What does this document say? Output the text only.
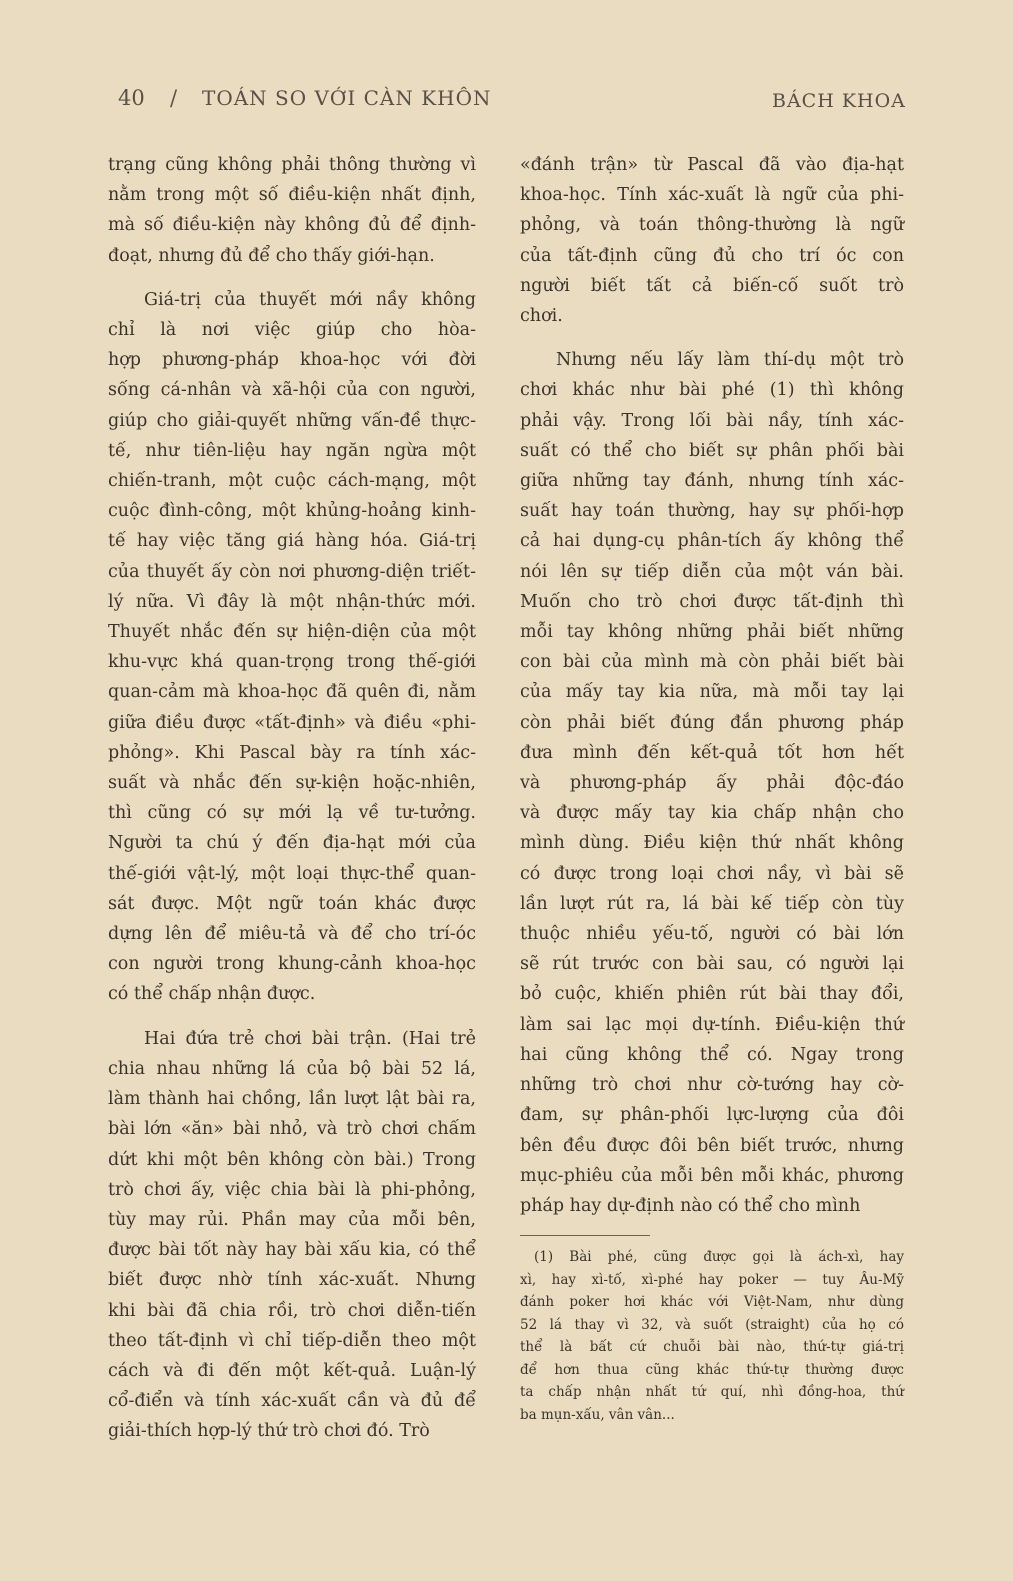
40 / TOÁN SO VỚI CÀN KHÔN	BÁCH KHOA
trạng cũng không phải thông thường vì
nằm trong một số điều-kiện nhất định,
mà số điều-kiện này không đủ để định-
đoạt, nhưng đủ để cho thấy giới-hạn.
Giá-trị của thuyết mới nầy không
chỉ là nơi việc giúp cho hòa-
hợp phương-pháp khoa-học với đời
sống cá-nhân và xã-hội của con người,
giúp cho giải-quyết những vấn-đề thực-
tế, như tiên-liệu hay ngăn ngừa một
chiến-tranh, một cuộc cách-mạng, một
cuộc đình-công, một khủng-hoảng kinh-
tế hay việc tăng giá hàng hóa. Giá-trị
của thuyết ấy còn nơi phương-diện triết-
lý nữa. Vì đây là một nhận-thức mới.
Thuyết nhắc đến sự hiện-diện của một
khu-vực khá quan-trọng trong thế-giới
quan-cảm mà khoa-học đã quên đi, nằm
giữa điều được «tất-định» và điều «phi-
phỏng». Khi Pascal bày ra tính xác-
suất và nhắc đến sự-kiện hoặc-nhiên,
thì cũng có sự mới lạ về tư-tưởng.
Người ta chú ý đến địa-hạt mới của
thế-giới vật-lý, một loại thực-thể quan-
sát được. Một ngữ toán khác được
dựng lên để miêu-tả và để cho trí-óc
con người trong khung-cảnh khoa-học
có thể chấp nhận được.
Hai đứa trẻ chơi bài trận. (Hai trẻ
chia nhau những lá của bộ bài 52 lá,
làm thành hai chồng, lần lượt lật bài ra,
bài lớn «ăn» bài nhỏ, và trò chơi chấm
dứt khi một bên không còn bài.) Trong
trò chơi ấy, việc chia bài là phi-phỏng,
tùy may rủi. Phần may của mỗi bên,
được bài tốt này hay bài xấu kia, có thể
biết được nhờ tính xác-xuất. Nhưng
khi bài đã chia rồi, trò chơi diễn-tiến
theo tất-định vì chỉ tiếp-diễn theo một
cách và đi đến một kết-quả. Luận-lý
cổ-điển và tính xác-xuất cần và đủ để
giải-thích hợp-lý thứ trò chơi đó. Trò
«đánh trận» từ Pascal đã vào địa-hạt
khoa-học. Tính xác-xuất là ngữ của phi-
phỏng, và toán thông-thường là ngữ
của tất-định cũng đủ cho trí óc con
người biết tất cả biến-cố suốt trò
chơi.
Nhưng nếu lấy làm thí-dụ một trò
chơi khác như bài phé (1) thì không
phải vậy. Trong lối bài nầy, tính xác-
suất có thể cho biết sự phân phối bài
giữa những tay đánh, nhưng tính xác-
suất hay toán thường, hay sự phối-hợp
cả hai dụng-cụ phân-tích ấy không thể
nói lên sự tiếp diễn của một ván bài.
Muốn cho trò chơi được tất-định thì
mỗi tay không những phải biết những
con bài của mình mà còn phải biết bài
của mấy tay kia nữa, mà mỗi tay lại
còn phải biết đúng đắn phương pháp
đưa mình đến kết-quả tốt hơn hết
và phương-pháp ấy phải độc-đáo
và được mấy tay kia chấp nhận cho
mình dùng. Điều kiện thứ nhất không
có được trong loại chơi nầy, vì bài sẽ
lần lượt rút ra, lá bài kế tiếp còn tùy
thuộc nhiều yếu-tố, người có bài lớn
sẽ rút trước con bài sau, có người lại
bỏ cuộc, khiến phiên rút bài thay đổi,
làm sai lạc mọi dự-tính. Điều-kiện thứ
hai cũng không thể có. Ngay trong
những trò chơi như cờ-tướng hay cờ-
đam, sự phân-phối lực-lượng của đôi
bên đều được đôi bên biết trước, nhưng
mục-phiêu của mỗi bên mỗi khác, phương
pháp hay dự-định nào có thể cho mình
(1) Bài phé, cũng được gọi là ách-xì, hay
xì, hay xì-tố, xì-phé hay poker — tuy Âu-Mỹ
đánh poker hơi khác với Việt-Nam, như dùng
52 lá thay vì 32, và suốt (straight) của họ có
thể là bất cứ chuỗi bài nào, thứ-tự giá-trị
để hơn thua cũng khác thứ-tự thường được
ta chấp nhận nhất tứ quí, nhì đồng-hoa, thứ
ba mụn-xấu, vân vân...
